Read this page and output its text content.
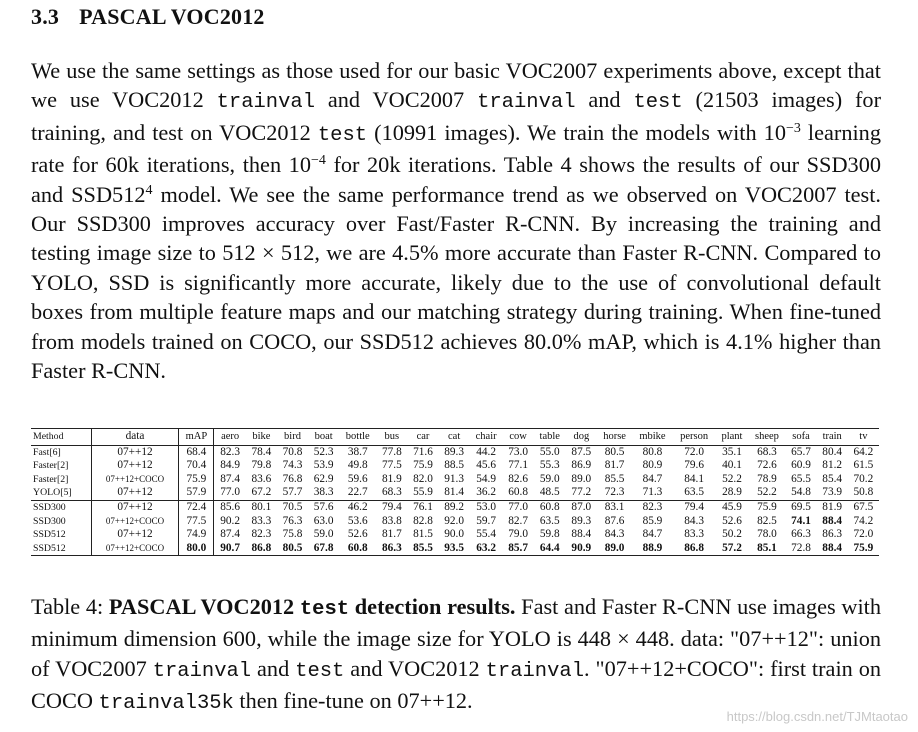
3.3 PASCAL VOC2012

We use the same settings as those used for our basic VOC2007 experiments above, except that we use VOC2012 trainval and VOC2007 trainval and test (21503 images) for training, and test on VOC2012 test (10991 images). We train the models with $10^{-3}$ learning rate for 60k iterations, then $10^{-4}$ for 20k iterations. Table 4 shows the results of our SSD300 and $SSD512^4$ model. We see the same performance trend as we observed on VOC2007 test. Our SSD300 improves accuracy over Fast/Faster R-CNN. By increasing the training and testing image size to 512 × 512, we are 4.5% more accurate than Faster R-CNN. Compared to YOLO, SSD is significantly more accurate, likely due to the use of convolutional default boxes from multiple feature maps and our matching strategy during training. When fine-tuned from models trained on COCO, our SSD512 achieves 80.0% mAP, which is 4.1% higher than Faster R-CNN.

Method	data	mAP	aero	bike	bird	boat	bottle	bus	car	cat	chair	cow	table	dog	horse	mbike	person	plant	sheep	sofa	train	tv
Fast[6]	07++12	68.4	82.3	78.4	70.8	52.3	38.7	77.8	71.6	89.3	44.2	73.0	55.0	87.5	80.5	80.8	72.0	35.1	68.3	65.7	80.4	64.2
Faster[2]	07++12	70.4	84.9	79.8	74.3	53.9	49.8	77.5	75.9	88.5	45.6	77.1	55.3	86.9	81.7	80.9	79.6	40.1	72.6	60.9	81.2	61.5
Faster[2]	07++12+COCO	75.9	87.4	83.6	76.8	62.9	59.6	81.9	82.0	91.3	54.9	82.6	59.0	89.0	85.5	84.7	84.1	52.2	78.9	65.5	85.4	70.2
YOLO[5]	07++12	57.9	77.0	67.2	57.7	38.3	22.7	68.3	55.9	81.4	36.2	60.8	48.5	77.2	72.3	71.3	63.5	28.9	52.2	54.8	73.9	50.8
SSD300	07++12	72.4	85.6	80.1	70.5	57.6	46.2	79.4	76.1	89.2	53.0	77.0	60.8	87.0	83.1	82.3	79.4	45.9	75.9	69.5	81.9	67.5
SSD300	07++12+COCO	77.5	90.2	83.3	76.3	63.0	53.6	83.8	82.8	92.0	59.7	82.7	63.5	89.3	87.6	85.9	84.3	52.6	82.5	74.1	88.4	74.2
SSD512	07++12	74.9	87.4	82.3	75.8	59.0	52.6	81.7	81.5	90.0	55.4	79.0	59.8	88.4	84.3	84.7	83.3	50.2	78.0	66.3	86.3	72.0
SSD512	07++12+COCO	80.0	90.7	86.8	80.5	67.8	60.8	86.3	85.5	93.5	63.2	85.7	64.4	90.9	89.0	88.9	86.8	57.2	85.1	72.8	88.4	75.9

Table 4: PASCAL VOC2012 test detection results. Fast and Faster R-CNN use images with minimum dimension 600, while the image size for YOLO is 448 × 448. data: "07++12": union of VOC2007 trainval and test and VOC2012 trainval. "07++12+COCO": first train on COCO trainval35k then fine-tune on 07++12.

https://blog.csdn.net/TJMtaotao
